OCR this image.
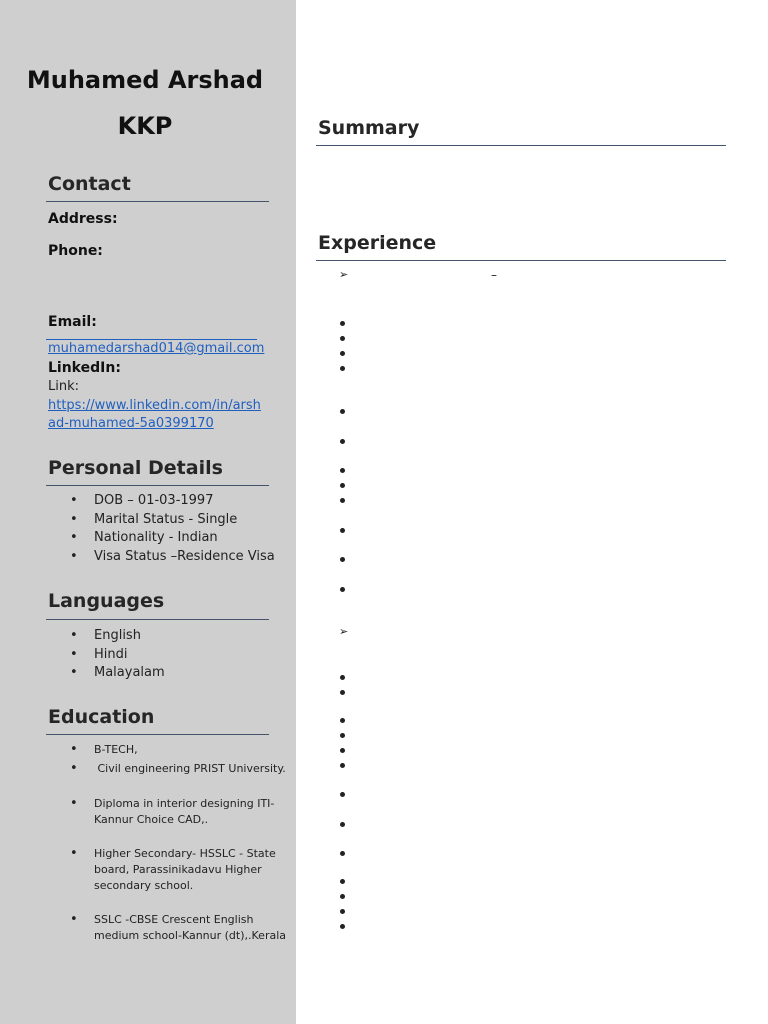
Muhamed Arshad
KKP
Contact
Address:
Phone:
Email:
muhamedarshad014@gmail.com
LinkedIn:
Link:
https://www.linkedin.com/in/arsh
ad-muhamed-5a0399170
Personal Details
• DOB – 01-03-1997
• Marital Status - Single
• Nationality - Indian
• Visa Status –Residence Visa
Languages
• English
• Hindi
• Malayalam
Education
• B-TECH,
•  Civil engineering PRIST University.
• Diploma in interior designing ITI-Kannur Choice CAD,.
• Higher Secondary- HSSLC - State board, Parassinikadavu Higher secondary school.
• SSLC -CBSE Crescent English medium school-Kannur (dt),.Kerala
Summary
Experience
➢	–
➢
